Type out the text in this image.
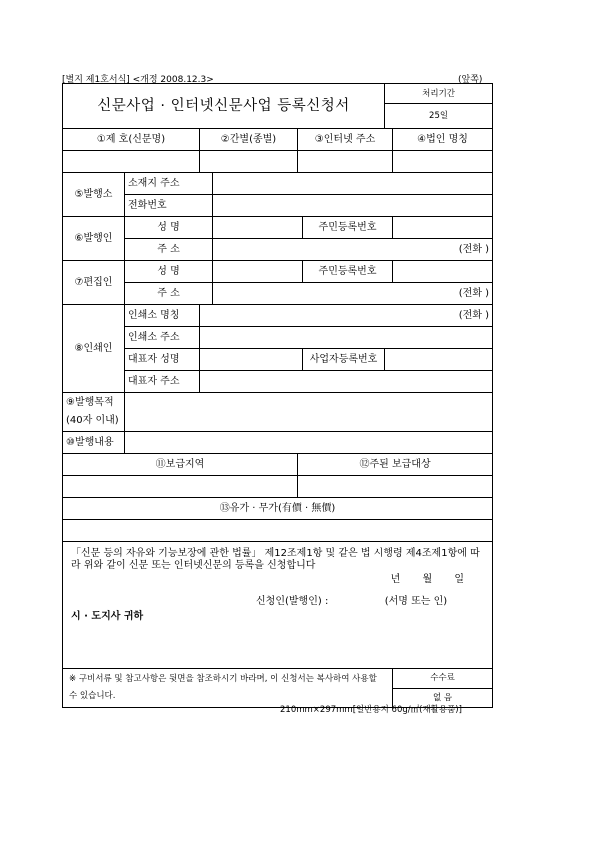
[별지 제1호서식] <개정 2008.12.3>	(앞쪽)
신문사업 · 인터넷신문사업 등록신청서						처리기간	
						25일	
①제 호(신문명)		②간별(종별)		③인터넷 주소			④법인 명칭

⑤발행소	소재지 주소						
	전화번호						
⑥발행인	성 명				주민등록번호		
	주 소		(전화 )				
⑦편집인	성 명				주민등록번호		
	주 소		(전화 )				
⑧인쇄인	인쇄소 명칭	(전화 )					
	인쇄소 주소						
	대표자 성명				사업자등록번호		
	대표자 주소						

⑨발행목적
(40자 이내)							

⑩발행내용							
⑪보급지역				⑫주된 보급대상			

⑬유가 · 무가(有價 · 無價)							

「신문 등의 자유와 기능보장에 관한 법률」 제12조제1항 및 같은 법 시행령 제4조제1항에 따라 위와 같이 신문 또는 인터넷신문의 등록을 신청합니다
년       월       일
신청인(발행인) : (서명 또는 인)
시 · 도지사 귀하							

※ 구비서류 및 참고사항은 뒷면을 참조하시기 바라며, 이 신청서는 복사하여 사용할 수 있습니다.							수수료
							없 음
210mm×297mm[일반용지 60g/㎡(재활용품)]
